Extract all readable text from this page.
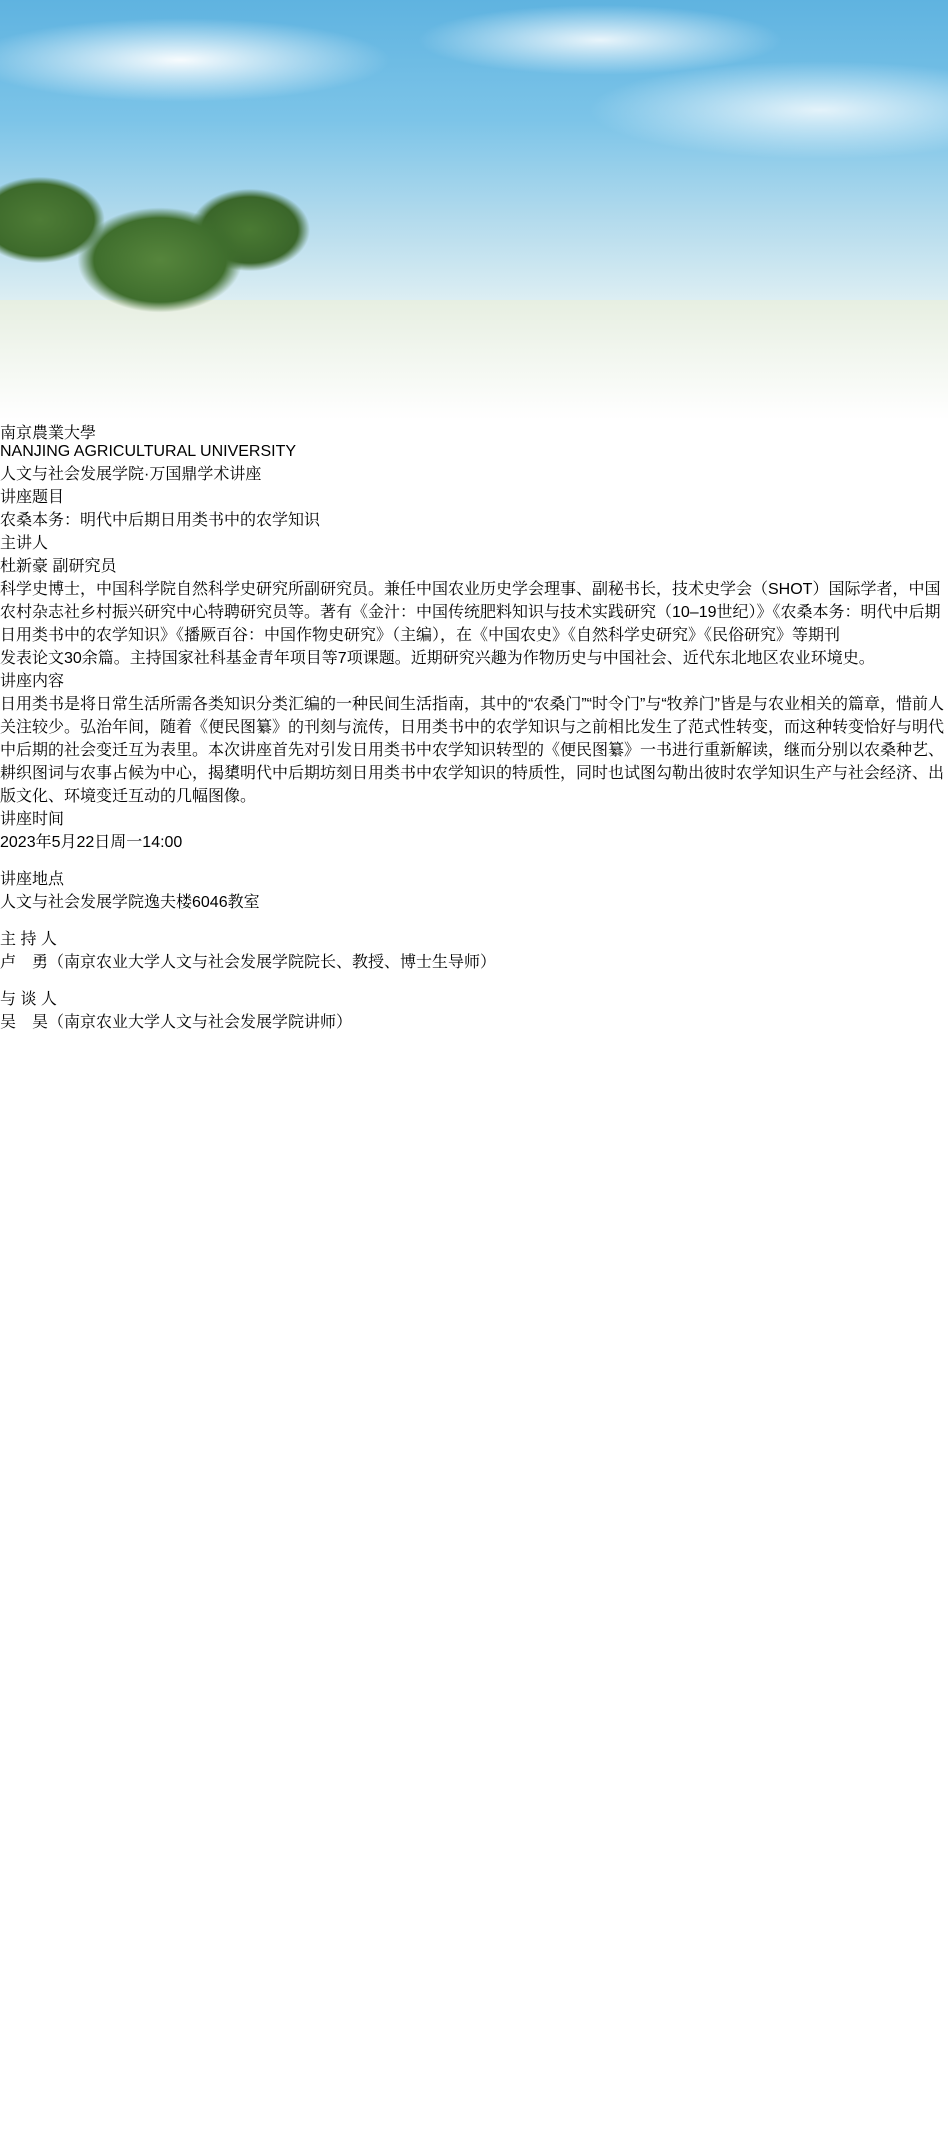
南京農業大學
NANJING AGRICULTURAL UNIVERSITY
人文与社会发展学院·万国鼎学术讲座
讲座题目
农桑本务：明代中后期日用类书中的农学知识
主讲人
杜新豪 副研究员
科学史博士，中国科学院自然科学史研究所副研究员。兼任中国农业历史学会理事、副秘书长，技术史学会（SHOT）国际学者，中国农村杂志社乡村振兴研究中心特聘研究员等。著有《金汁：中国传统肥料知识与技术实践研究（10–19世纪）》《农桑本务：明代中后期日用类书中的农学知识》《播厥百谷：中国作物史研究》（主编），在《中国农史》《自然科学史研究》《民俗研究》等期刊
发表论文30余篇。主持国家社科基金青年项目等7项课题。近期研究兴趣为作物历史与中国社会、近代东北地区农业环境史。
讲座内容
日用类书是将日常生活所需各类知识分类汇编的一种民间生活指南，其中的“农桑门”“时令门”与“牧养门”皆是与农业相关的篇章，惜前人关注较少。弘治年间，随着《便民图纂》的刊刻与流传，日用类书中的农学知识与之前相比发生了范式性转变，而这种转变恰好与明代中后期的社会变迁互为表里。本次讲座首先对引发日用类书中农学知识转型的《便民图纂》一书进行重新解读，继而分别以农桑种艺、耕织图词与农事占候为中心，揭橥明代中后期坊刻日用类书中农学知识的特质性，同时也试图勾勒出彼时农学知识生产与社会经济、出版文化、环境变迁互动的几幅图像。
讲座时间
2023年5月22日周一14:00
讲座地点
人文与社会发展学院逸夫楼6046教室
主 持 人
卢　勇（南京农业大学人文与社会发展学院院长、教授、博士生导师）
与 谈 人
吴　昊（南京农业大学人文与社会发展学院讲师）
